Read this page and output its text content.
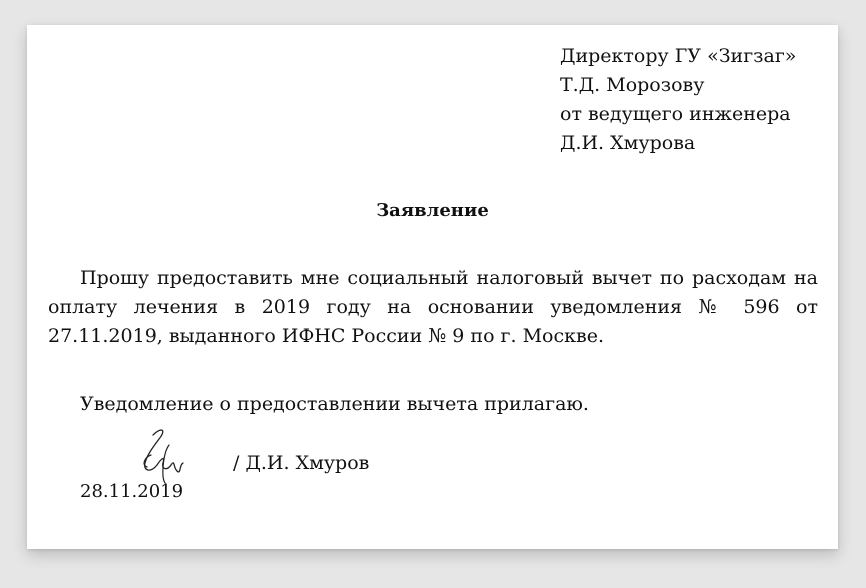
Директору ГУ «Зигзаг»
Т.Д. Морозову
от ведущего инженера
Д.И. Хмурова
Заявление

Прошу предоставить мне социальный налоговый вычет по расходам на оплату лечения в 2019 году на основании уведомления № 596 от 27.11.2019, выданного ИФНС России № 9 по г. Москве.

Уведомление о предоставлении вычета прилагаю.
/ Д.И. Хмуров
28.11.2019
